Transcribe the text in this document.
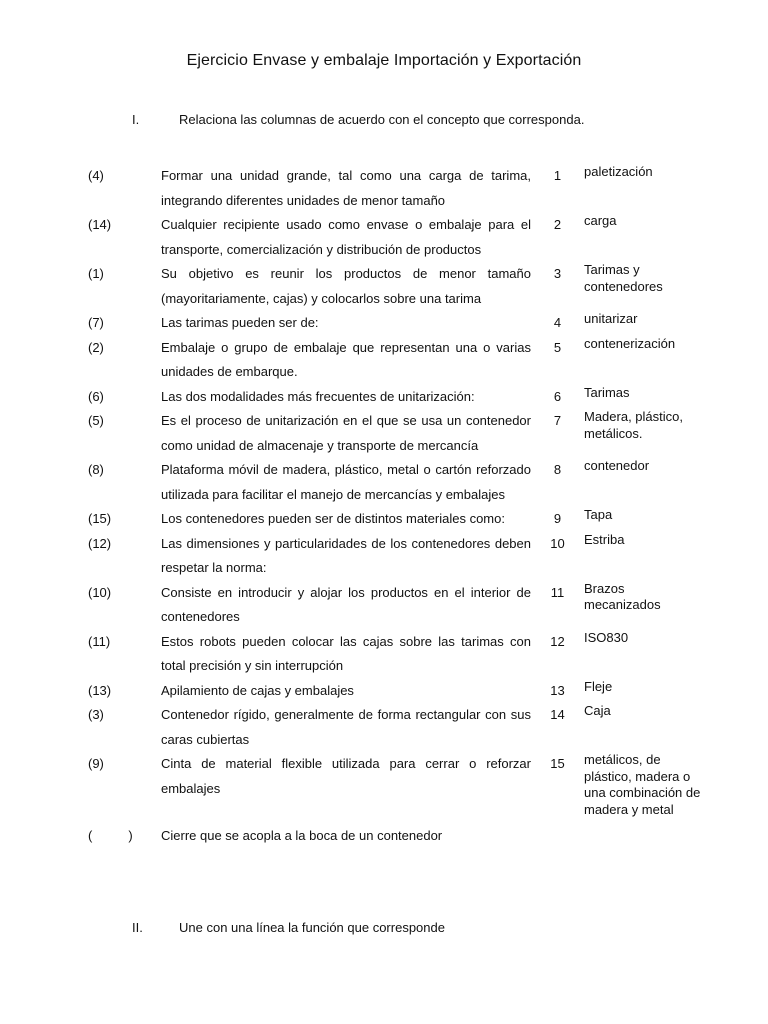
Ejercicio Envase y embalaje Importación y Exportación
I.	Relaciona las columnas de acuerdo con el concepto que corresponda.
(4)	Formar una unidad grande, tal como una carga de tarima, integrando diferentes unidades de menor tamaño	1	paletización
(14)	Cualquier recipiente usado como envase o embalaje para el transporte, comercialización y distribución de productos	2	carga
(1)	Su objetivo es reunir los productos de menor tamaño (mayoritariamente, cajas) y colocarlos sobre una tarima	3	Tarimas y contenedores
(7)	Las tarimas pueden ser de:	4	unitarizar
(2)	Embalaje o grupo de embalaje que representan una o varias unidades de embarque.	5	contenerización
(6)	Las dos modalidades más frecuentes de unitarización:	6	Tarimas
(5)	Es el proceso de unitarización en el que se usa un contenedor como unidad de almacenaje y transporte de mercancía	7	Madera, plástico, metálicos.
(8)	Plataforma móvil de madera, plástico, metal o cartón reforzado utilizada para facilitar el manejo de mercancías y embalajes	8	contenedor
(15)	Los contenedores pueden ser de distintos materiales como:	9	Tapa
(12)	Las dimensiones y particularidades de los contenedores deben respetar la norma:	10	Estriba
(10)	Consiste en introducir y alojar los productos en el interior de contenedores	11	Brazos mecanizados
(11)	Estos robots pueden colocar las cajas sobre las tarimas con total precisión y sin interrupción	12	ISO830
(13)	Apilamiento de cajas y embalajes	13	Fleje
(3)	Contenedor rígido, generalmente de forma rectangular con sus caras cubiertas	14	Caja
(9)	Cinta de material flexible utilizada para cerrar o reforzar embalajes	15	metálicos, de plástico, madera o una combinación de madera y metal
( )	Cierre que se acopla a la boca de un contenedor		
II.	Une con una línea la función que corresponde
